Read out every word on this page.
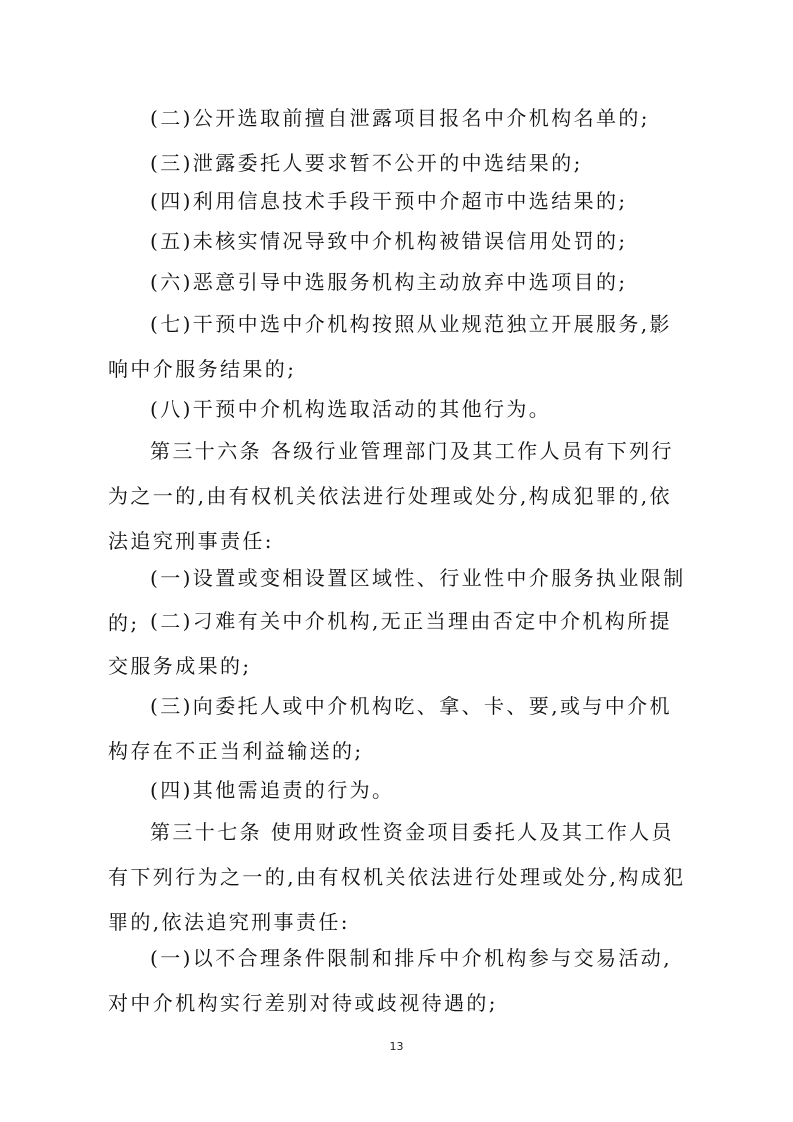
(二)公开选取前擅自泄露项目报名中介机构名单的;

(三)泄露委托人要求暂不公开的中选结果的;

(四)利用信息技术手段干预中介超市中选结果的;

(五)未核实情况导致中介机构被错误信用处罚的;

(六)恶意引导中选服务机构主动放弃中选项目的;

(七)干预中选中介机构按照从业规范独立开展服务,影响中介服务结果的;

(八)干预中介机构选取活动的其他行为。

第三十六条 各级行业管理部门及其工作人员有下列行为之一的,由有权机关依法进行处理或处分,构成犯罪的,依法追究刑事责任:

(一)设置或变相设置区域性、行业性中介服务执业限制的; (二)刁难有关中介机构,无正当理由否定中介机构所提交服务成果的;

(三)向委托人或中介机构吃、拿、卡、要,或与中介机构存在不正当利益输送的;

(四)其他需追责的行为。

第三十七条 使用财政性资金项目委托人及其工作人员有下列行为之一的,由有权机关依法进行处理或处分,构成犯罪的,依法追究刑事责任:

(一)以不合理条件限制和排斥中介机构参与交易活动,对中介机构实行差别对待或歧视待遇的;

13
